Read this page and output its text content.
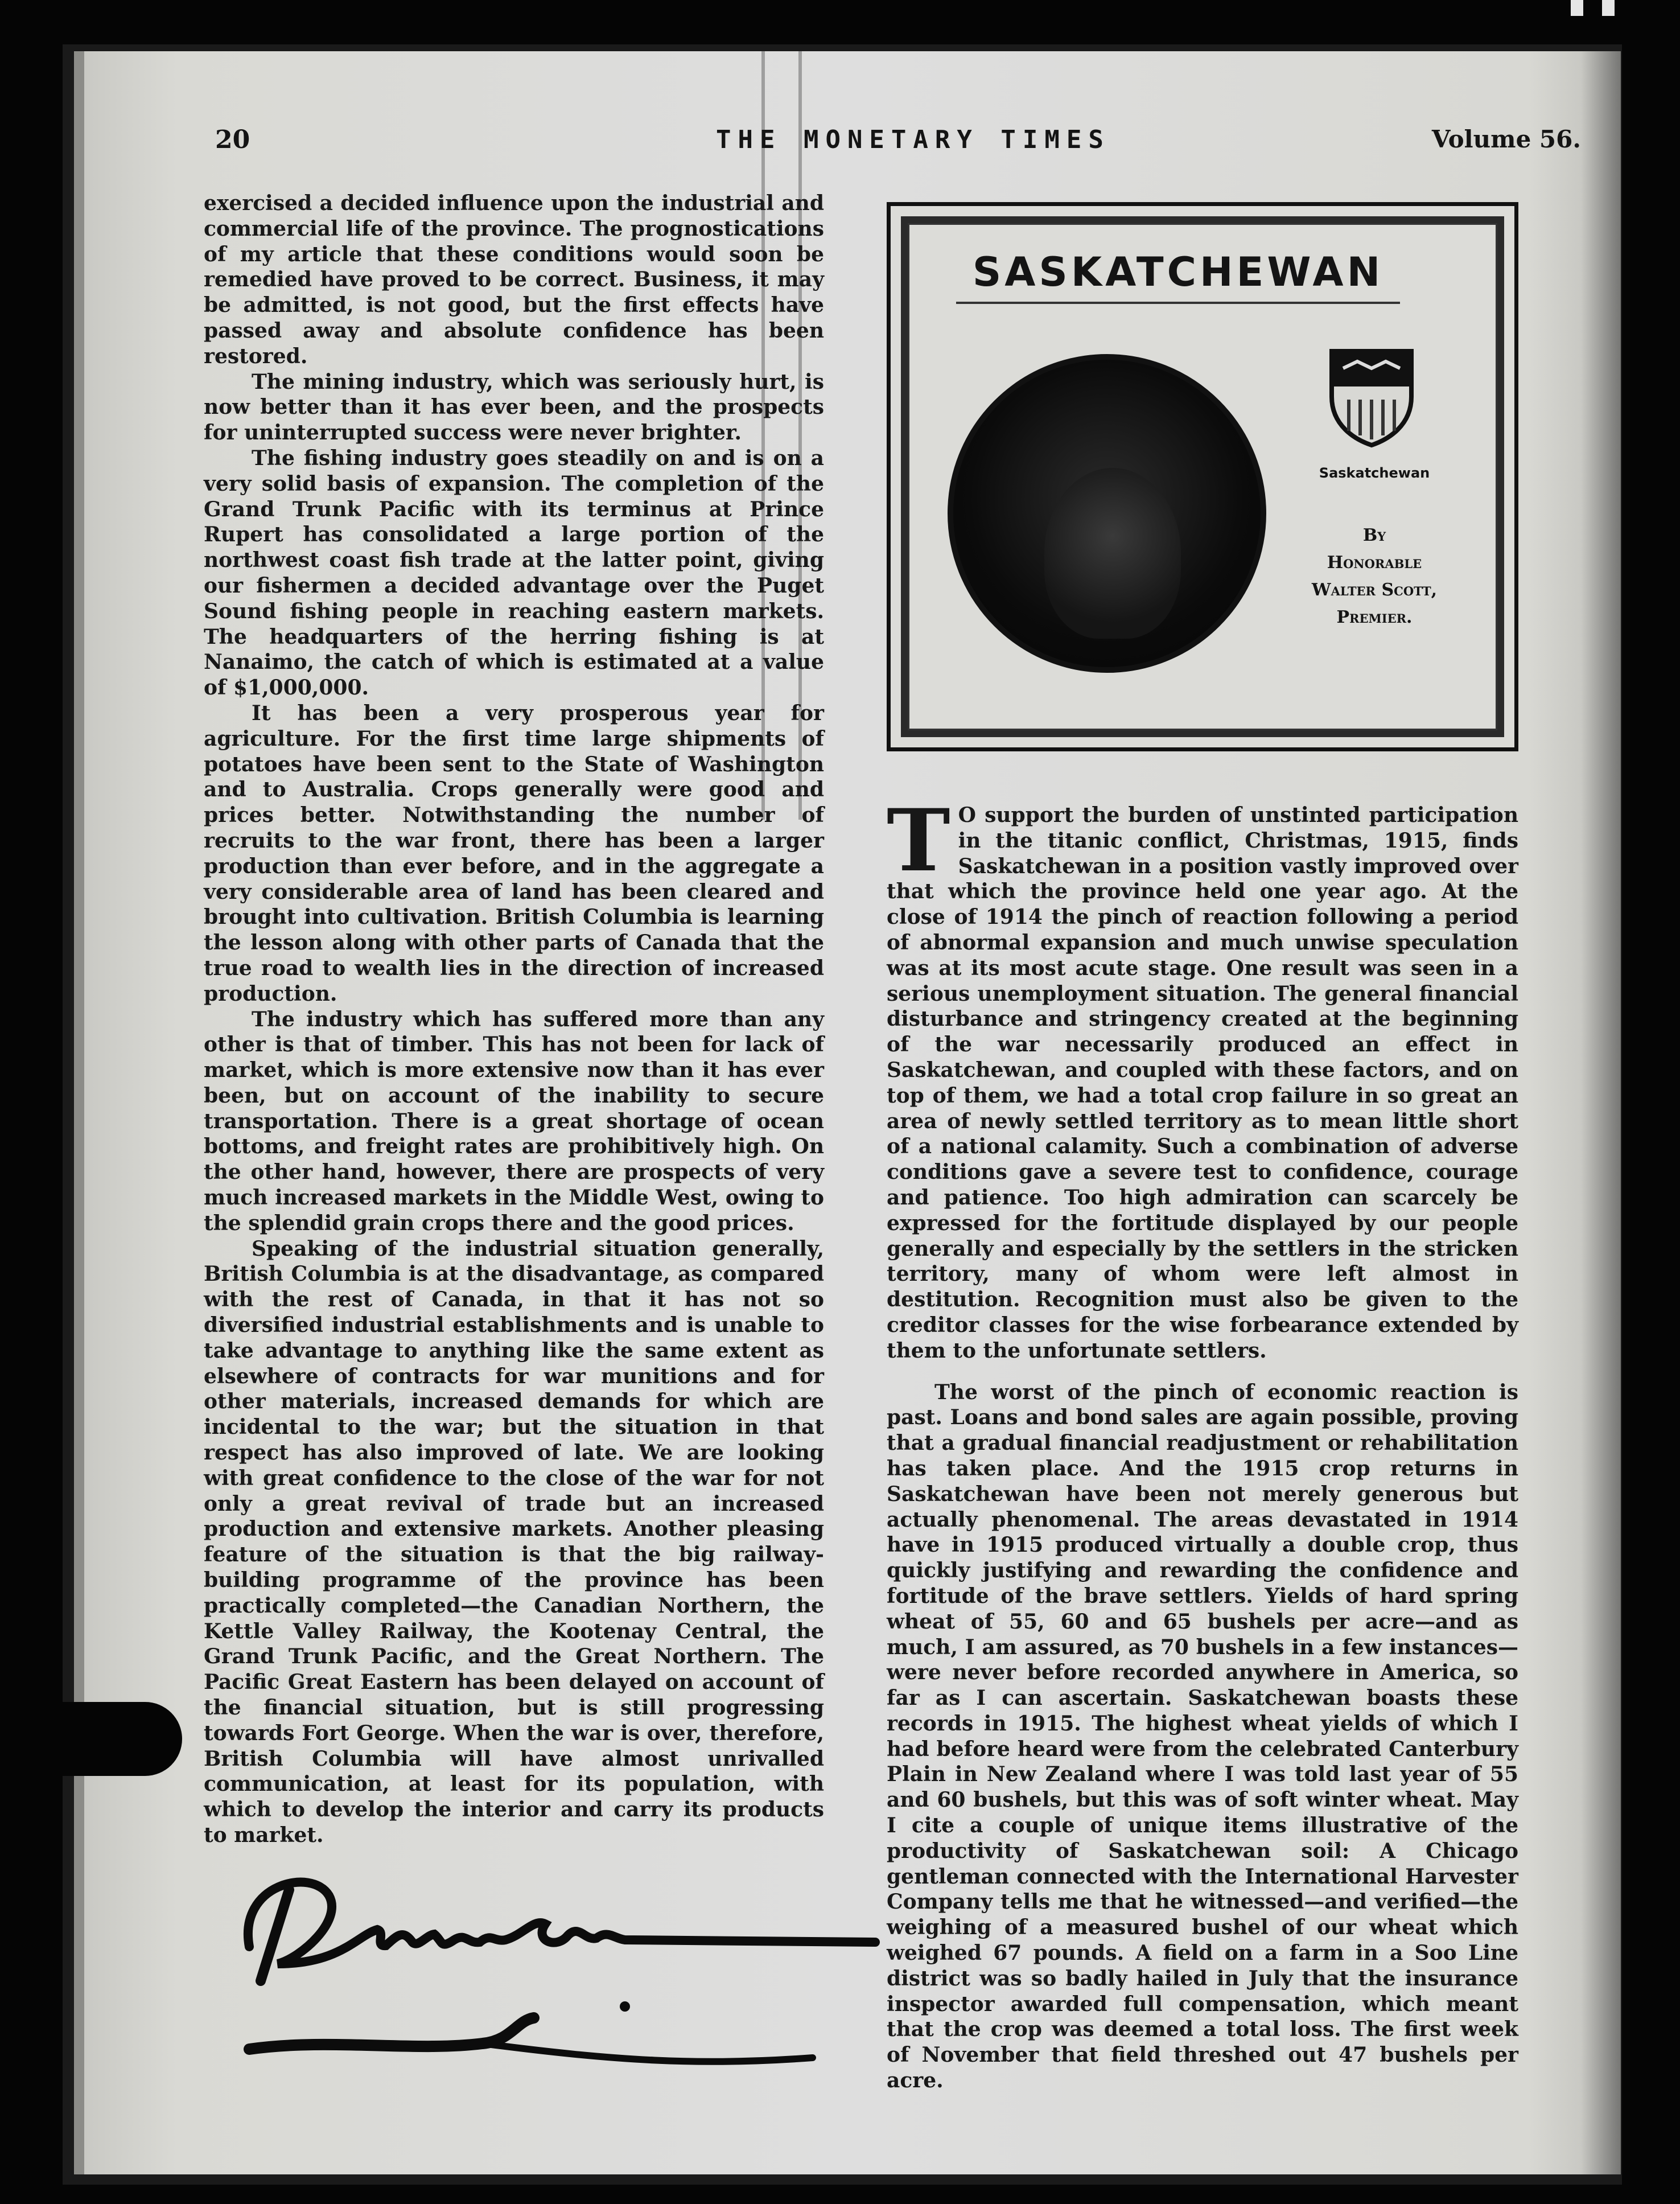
20	THE MONETARY TIMES	Volume 56.

exercised a decided influence upon the industrial and commercial life of the province. The prognostications of my article that these conditions would soon be remedied have proved to be correct. Business, it may be admitted, is not good, but the first effects have passed away and absolute confidence has been restored.

The mining industry, which was seriously hurt, is now better than it has ever been, and the prospects for uninterrupted success were never brighter.

The fishing industry goes steadily on and is on a very solid basis of expansion. The completion of the Grand Trunk Pacific with its terminus at Prince Rupert has consolidated a large portion of the northwest coast fish trade at the latter point, giving our fishermen a decided advantage over the Puget Sound fishing people in reaching eastern markets. The headquarters of the herring fishing is at Nanaimo, the catch of which is estimated at a value of $1,000,000.

It has been a very prosperous year for agriculture. For the first time large shipments of potatoes have been sent to the State of Washington and to Australia. Crops generally were good and prices better. Notwithstanding the number of recruits to the war front, there has been a larger production than ever before, and in the aggregate a very considerable area of land has been cleared and brought into cultivation. British Columbia is learning the lesson along with other parts of Canada that the true road to wealth lies in the direction of increased production.

The industry which has suffered more than any other is that of timber. This has not been for lack of market, which is more extensive now than it has ever been, but on account of the inability to secure transportation. There is a great shortage of ocean bottoms, and freight rates are prohibitively high. On the other hand, however, there are prospects of very much increased markets in the Middle West, owing to the splendid grain crops there and the good prices.

Speaking of the industrial situation generally, British Columbia is at the disadvantage, as compared with the rest of Canada, in that it has not so diversified industrial establishments and is unable to take advantage to anything like the same extent as elsewhere of contracts for war munitions and for other materials, increased demands for which are incidental to the war; but the situation in that respect has also improved of late. We are looking with great confidence to the close of the war for not only a great revival of trade but an increased production and extensive markets. Another pleasing feature of the situation is that the big railway-building programme of the province has been practically completed—the Canadian Northern, the Kettle Valley Railway, the Kootenay Central, the Grand Trunk Pacific, and the Great Northern. The Pacific Great Eastern has been delayed on account of the financial situation, but is still progressing towards Fort George. When the war is over, therefore, British Columbia will have almost unrivalled communication, at least for its population, with which to develop the interior and carry its products to market.

SASKATCHEWAN
Saskatchewan
By
Honorable
Walter Scott,
Premier.

T O support the burden of unstinted participation in the titanic conflict, Christmas, 1915, finds Saskatchewan in a position vastly improved over that which the province held one year ago. At the close of 1914 the pinch of reaction following a period of abnormal expansion and much unwise speculation was at its most acute stage. One result was seen in a serious unemployment situation. The general financial disturbance and stringency created at the beginning of the war necessarily produced an effect in Saskatchewan, and coupled with these factors, and on top of them, we had a total crop failure in so great an area of newly settled territory as to mean little short of a national calamity. Such a combination of adverse conditions gave a severe test to confidence, courage and patience. Too high admiration can scarcely be expressed for the fortitude displayed by our people generally and especially by the settlers in the stricken territory, many of whom were left almost in destitution. Recognition must also be given to the creditor classes for the wise forbearance extended by them to the unfortunate settlers.

The worst of the pinch of economic reaction is past. Loans and bond sales are again possible, proving that a gradual financial readjustment or rehabilitation has taken place. And the 1915 crop returns in Saskatchewan have been not merely generous but actually phenomenal. The areas devastated in 1914 have in 1915 produced virtually a double crop, thus quickly justifying and rewarding the confidence and fortitude of the brave settlers. Yields of hard spring wheat of 55, 60 and 65 bushels per acre—and as much, I am assured, as 70 bushels in a few instances—were never before recorded anywhere in America, so far as I can ascertain. Saskatchewan boasts these records in 1915. The highest wheat yields of which I had before heard were from the celebrated Canterbury Plain in New Zealand where I was told last year of 55 and 60 bushels, but this was of soft winter wheat. May I cite a couple of unique items illustrative of the productivity of Saskatchewan soil: A Chicago gentleman connected with the International Harvester Company tells me that he witnessed—and verified—the weighing of a measured bushel of our wheat which weighed 67 pounds. A field on a farm in a Soo Line district was so badly hailed in July that the insurance inspector awarded full compensation, which meant that the crop was deemed a total loss. The first week of November that field threshed out 47 bushels per acre.
